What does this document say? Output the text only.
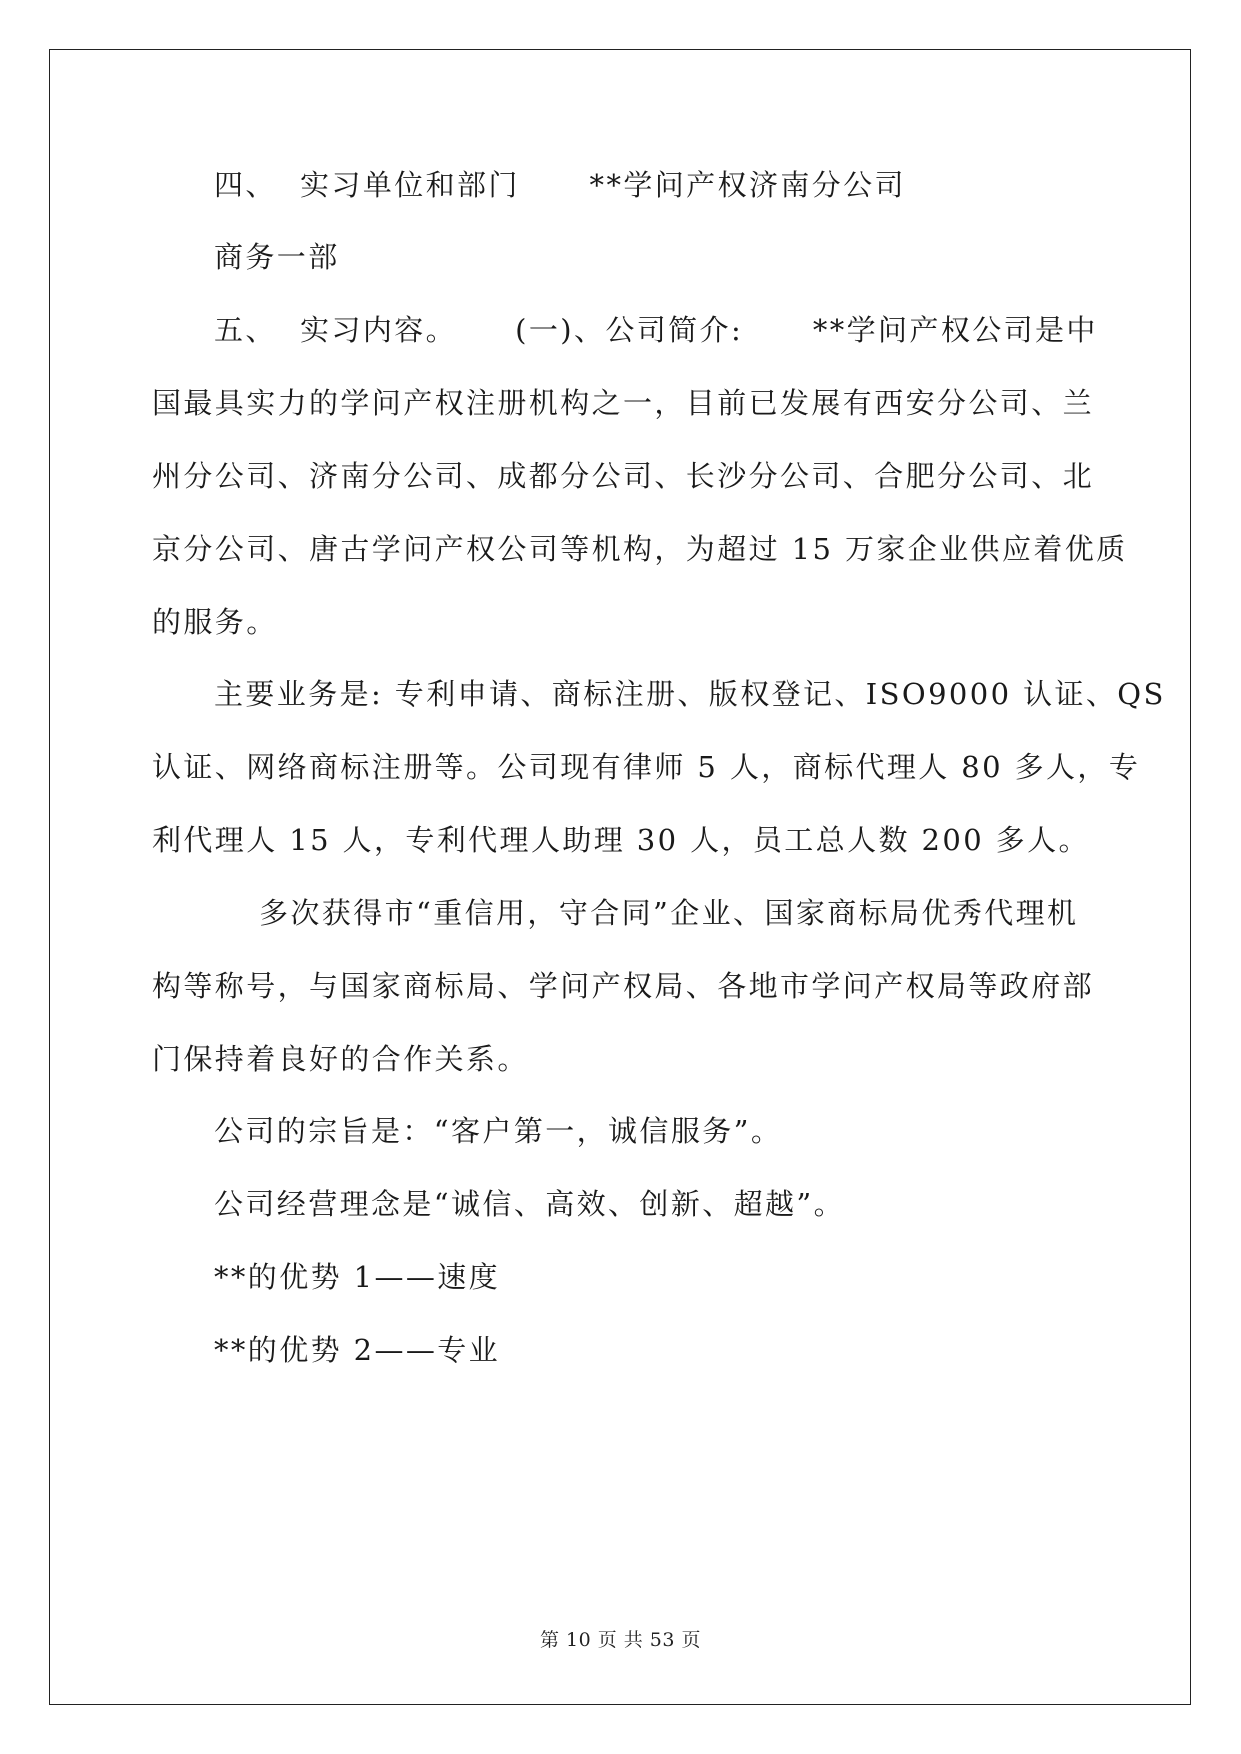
四、  实习单位和部门      **学问产权济南分公司

商务一部

五、  实习内容。     (一)、公司简介:      **学问产权公司是中

国最具实力的学问产权注册机构之一，目前已发展有西安分公司、兰

州分公司、济南分公司、成都分公司、长沙分公司、合肥分公司、北

京分公司、唐古学问产权公司等机构，为超过 15 万家企业供应着优质

的服务。

主要业务是: 专利申请、商标注册、版权登记、ISO9000 认证、QS

认证、网络商标注册等。公司现有律师 5 人，商标代理人 80 多人，专

利代理人 15 人，专利代理人助理 30 人，员工总人数 200 多人。

多次获得市“重信用，守合同”企业、国家商标局优秀代理机

构等称号，与国家商标局、学问产权局、各地市学问产权局等政府部

门保持着良好的合作关系。

公司的宗旨是：“客户第一，诚信服务”。

公司经营理念是“诚信、高效、创新、超越”。

**的优势 1——速度

**的优势 2——专业

第 10 页 共 53 页
